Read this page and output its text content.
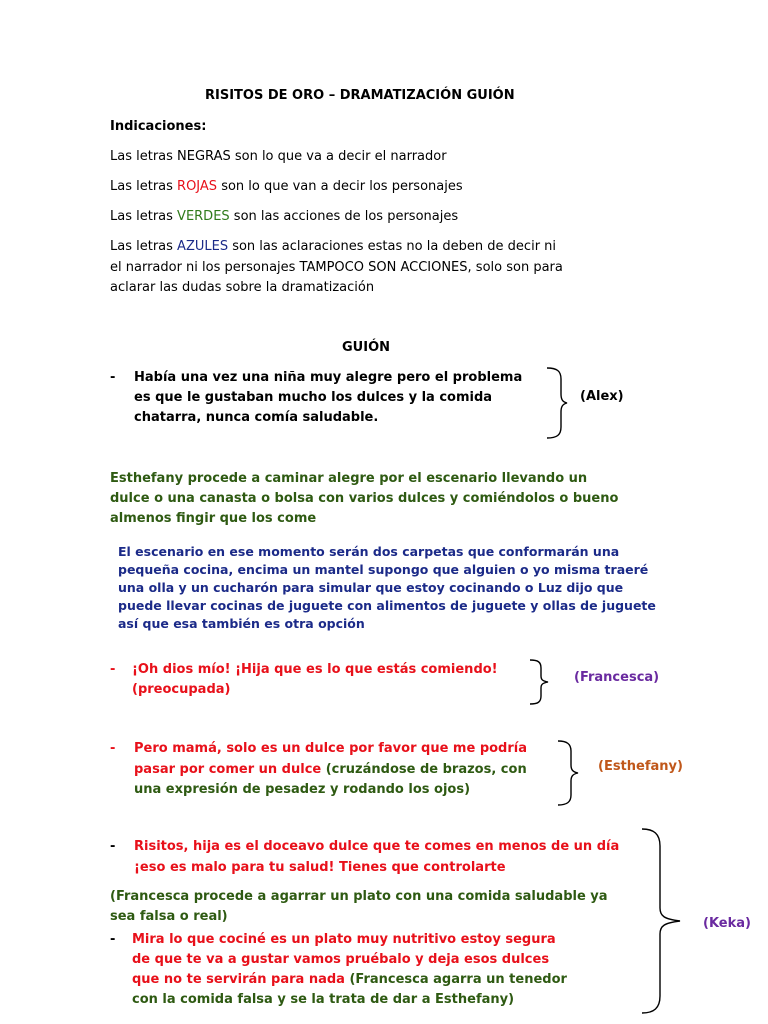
RISITOS DE ORO – DRAMATIZACIÓN GUIÓN
Indicaciones:
Las letras NEGRAS son lo que va a decir el narrador
Las letras ROJAS son lo que van a decir los personajes
Las letras VERDES son las acciones de los personajes
Las letras AZULES son las aclaraciones estas no la deben de decir ni
el narrador ni los personajes TAMPOCO SON ACCIONES, solo son para
aclarar las dudas sobre la dramatización
GUIÓN
- Había una vez una niña muy alegre pero el problema
es que le gustaban mucho los dulces y la comida
chatarra, nunca comía saludable.
(Alex)
Esthefany procede a caminar alegre por el escenario llevando un
dulce o una canasta o bolsa con varios dulces y comiéndolos o bueno
almenos fingir que los come
El escenario en ese momento serán dos carpetas que conformarán una
pequeña cocina, encima un mantel supongo que alguien o yo misma traeré
una olla y un cucharón para simular que estoy cocinando o Luz dijo que
puede llevar cocinas de juguete con alimentos de juguete y ollas de juguete
así que esa también es otra opción
- ¡Oh dios mío! ¡Hija que es lo que estás comiendo!
(preocupada)
(Francesca)
- Pero mamá, solo es un dulce por favor que me podría
pasar por comer un dulce (cruzándose de brazos, con
una expresión de pesadez y rodando los ojos)
(Esthefany)
- Risitos, hija es el doceavo dulce que te comes en menos de un día
¡eso es malo para tu salud! Tienes que controlarte
(Francesca procede a agarrar un plato con una comida saludable ya
sea falsa o real)
- Mira lo que cociné es un plato muy nutritivo estoy segura
de que te va a gustar vamos pruébalo y deja esos dulces
que no te servirán para nada (Francesca agarra un tenedor
con la comida falsa y se la trata de dar a Esthefany)
(Keka)
